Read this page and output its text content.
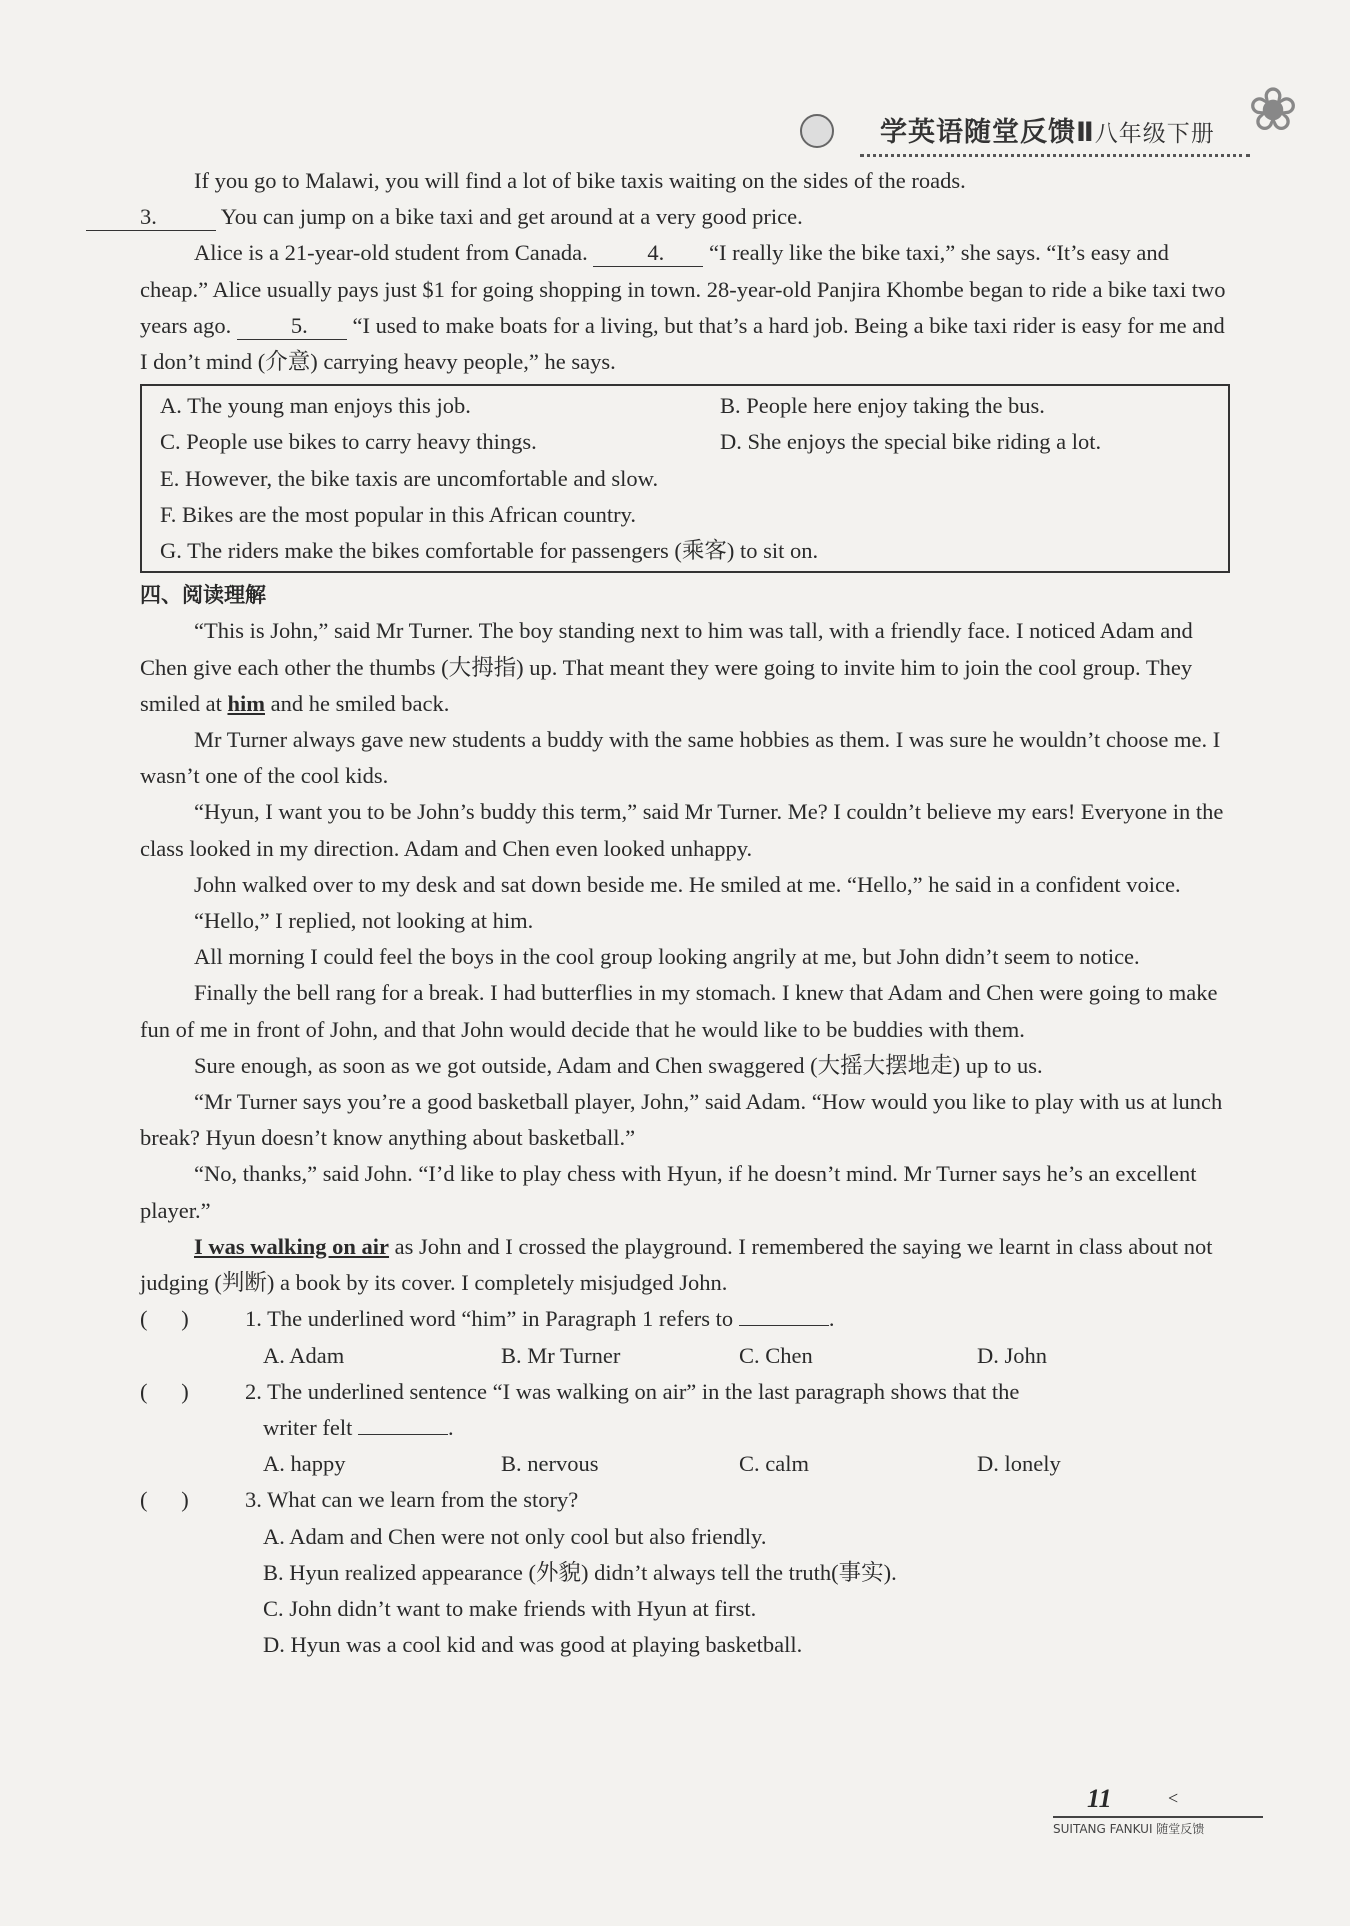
学英语随堂反馈Ⅱ八年级下册 ❀

If you go to Malawi, you will find a lot of bike taxis waiting on the sides of the roads.
3.	You can jump on a bike taxi and get around at a very good price.

Alice is a 21-year-old student from Canada. 4. “I really like the bike taxi,” she says. “It’s easy and cheap.” Alice usually pays just $1 for going shopping in town. 28-year-old Panjira Khombe began to ride a bike taxi two years ago. 5. “I used to make boats for a living, but that’s a hard job. Being a bike taxi rider is easy for me and I don’t mind (介意) carrying heavy people,” he says.

A. The young man enjoys this job.	B. People here enjoy taking the bus.
C. People use bikes to carry heavy things.	D. She enjoys the special bike riding a lot.
E. However, the bike taxis are uncomfortable and slow.
F. Bikes are the most popular in this African country.
G. The riders make the bikes comfortable for passengers (乘客) to sit on.
四、阅读理解

“This is John,” said Mr Turner. The boy standing next to him was tall, with a friendly face. I noticed Adam and Chen give each other the thumbs (大拇指) up. That meant they were going to invite him to join the cool group. They smiled at him and he smiled back.

Mr Turner always gave new students a buddy with the same hobbies as them. I was sure he wouldn’t choose me. I wasn’t one of the cool kids.

“Hyun, I want you to be John’s buddy this term,” said Mr Turner. Me? I couldn’t believe my ears! Everyone in the class looked in my direction. Adam and Chen even looked unhappy.

John walked over to my desk and sat down beside me. He smiled at me. “Hello,” he said in a confident voice.

“Hello,” I replied, not looking at him.

All morning I could feel the boys in the cool group looking angrily at me, but John didn’t seem to notice.

Finally the bell rang for a break. I had butterflies in my stomach. I knew that Adam and Chen were going to make fun of me in front of John, and that John would decide that he would like to be buddies with them.

Sure enough, as soon as we got outside, Adam and Chen swaggered (大摇大摆地走) up to us.

“Mr Turner says you’re a good basketball player, John,” said Adam. “How would you like to play with us at lunch break? Hyun doesn’t know anything about basketball.”

“No, thanks,” said John. “I’d like to play chess with Hyun, if he doesn’t mind. Mr Turner says he’s an excellent player.”

I was walking on air as John and I crossed the playground. I remembered the saying we learnt in class about not judging (判断) a book by its cover. I completely misjudged John.

(      )	1. The underlined word “him” in Paragraph 1 refers to	.
A. Adam	B. Mr Turner	C. Chen	D. John
(      )	2. The underlined sentence “I was walking on air” in the last paragraph shows that the
writer felt	.
A. happy	B. nervous	C. calm	D. lonely
(      )	3. What can we learn from the story?
A. Adam and Chen were not only cool but also friendly.
B. Hyun realized appearance (外貌) didn’t always tell the truth(事实).
C. John didn’t want to make friends with Hyun at first.
D. Hyun was a cool kid and was good at playing basketball.
11	<
SUITANG FANKUI 随堂反馈
